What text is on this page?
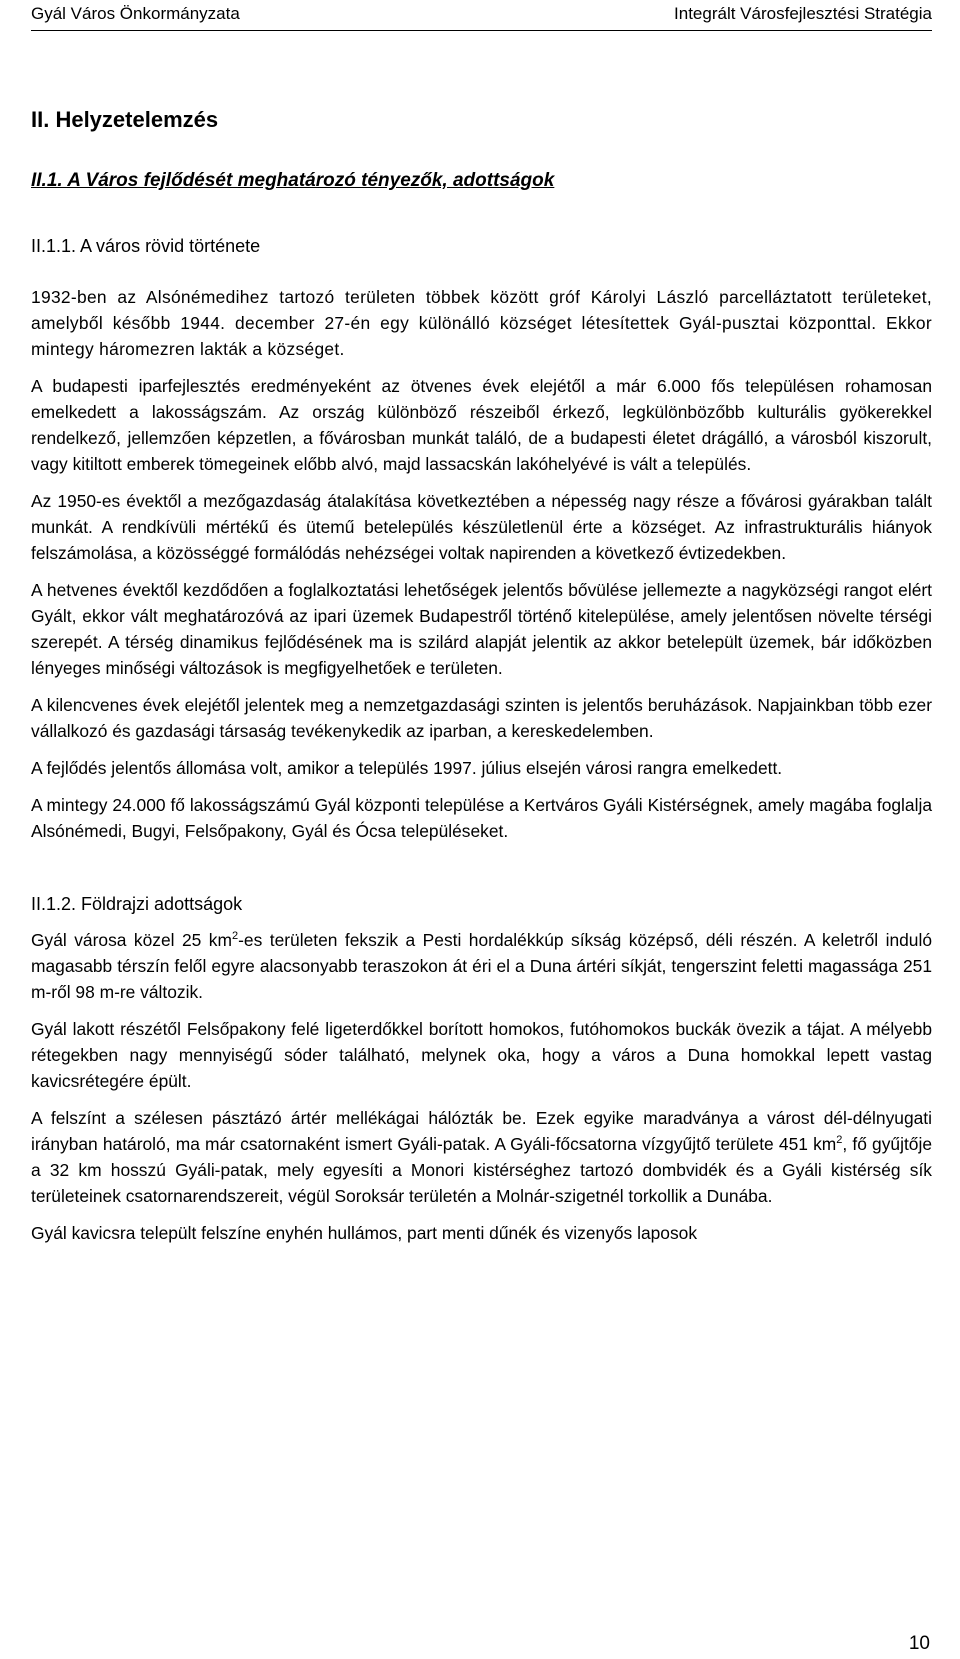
Gyál Város Önkormányzata	Integrált Városfejlesztési Stratégia
II. Helyzetelemzés
II.1. A Város fejlődését meghatározó tényezők, adottságok
II.1.1. A város rövid története

1932-ben az Alsónémedihez tartozó területen többek között gróf Károlyi László parcelláztatott területeket, amelyből később 1944. december 27-én egy különálló községet létesítettek Gyál-pusztai központtal. Ekkor mintegy háromezren lakták a községet.

A budapesti iparfejlesztés eredményeként az ötvenes évek elejétől a már 6.000 fős településen rohamosan emelkedett a lakosságszám. Az ország különböző részeiből érkező, legkülönbözőbb kulturális gyökerekkel rendelkező, jellemzően képzetlen, a fővárosban munkát találó, de a budapesti életet drágálló, a városból kiszorult, vagy kitiltott emberek tömegeinek előbb alvó, majd lassacskán lakóhelyévé is vált a település.

Az 1950-es évektől a mezőgazdaság átalakítása következtében a népesség nagy része a fővárosi gyárakban talált munkát. A rendkívüli mértékű és ütemű betelepülés készületlenül érte a községet. Az infrastrukturális hiányok felszámolása, a közösséggé formálódás nehézségei voltak napirenden a következő évtizedekben.

A hetvenes évektől kezdődően a foglalkoztatási lehetőségek jelentős bővülése jellemezte a nagyközségi rangot elért Gyált, ekkor vált meghatározóvá az ipari üzemek Budapestről történő kitelepülése, amely jelentősen növelte térségi szerepét. A térség dinamikus fejlődésének ma is szilárd alapját jelentik az akkor betelepült üzemek, bár időközben lényeges minőségi változások is megfigyelhetőek e területen.

A kilencvenes évek elejétől jelentek meg a nemzetgazdasági szinten is jelentős beruházások. Napjainkban több ezer vállalkozó és gazdasági társaság tevékenykedik az iparban, a kereskedelemben.

A fejlődés jelentős állomása volt, amikor a település 1997. július elsején városi rangra emelkedett.

A mintegy 24.000 fő lakosságszámú Gyál központi települése a Kertváros Gyáli Kistérségnek, amely magába foglalja Alsónémedi, Bugyi, Felsőpakony, Gyál és Ócsa településeket.

II.1.2. Földrajzi adottságok

Gyál városa közel 25 $km^2-es$ területen fekszik a Pesti hordalékkúp síkság középső, déli részén. A keletről induló magasabb térszín felől egyre alacsonyabb teraszokon át éri el a Duna ártéri síkját, tengerszint feletti magassága 251 m-ről 98 m-re változik.

Gyál lakott részétől Felsőpakony felé ligeterdőkkel borított homokos, futóhomokos buckák övezik a tájat. A mélyebb rétegekben nagy mennyiségű sóder található, melynek oka, hogy a város a Duna homokkal lepett vastag kavicsrétegére épült.

A felszínt a szélesen pásztázó ártér mellékágai hálózták be. Ezek egyike maradványa a várost dél-délnyugati irányban határoló, ma már csatornaként ismert Gyáli-patak. A Gyáli-főcsatorna vízgyűjtő területe 451 $km^2$, fő gyűjtője a 32 km hosszú Gyáli-patak, mely egyesíti a Monori kistérséghez tartozó dombvidék és a Gyáli kistérség sík területeinek csatornarendszereit, végül Soroksár területén a Molnár-szigetnél torkollik a Dunába.

Gyál kavicsra települt felszíne enyhén hullámos, part menti dűnék és vizenyős laposok

10
